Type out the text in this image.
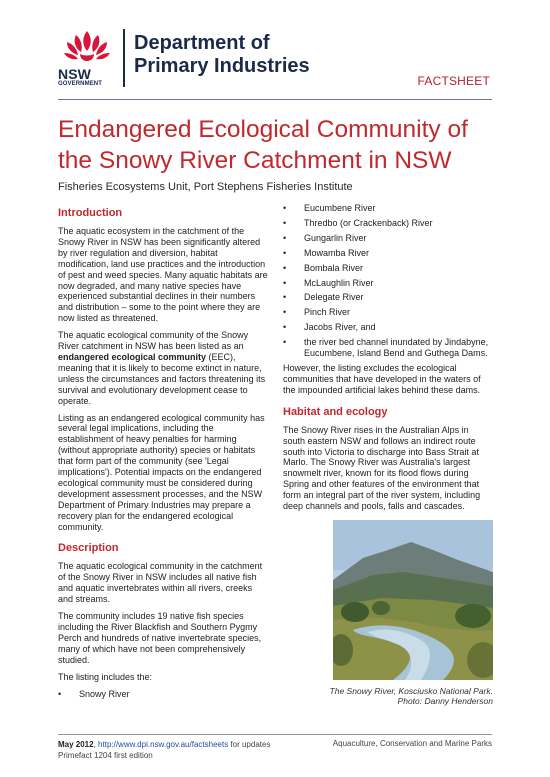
NSW
GOVERNMENT
Department of
Primary Industries
FACTSHEET
Endangered Ecological Community of the Snowy River Catchment in NSW
Fisheries Ecosystems Unit, Port Stephens Fisheries Institute
Introduction

The aquatic ecosystem in the catchment of the Snowy River in NSW has been significantly altered by river regulation and diversion, habitat modification, land use practices and the introduction of pest and weed species. Many aquatic habitats are now degraded, and many native species have experienced substantial declines in their numbers and distribution – some to the point where they are now listed as threatened.

The aquatic ecological community of the Snowy River catchment in NSW has been listed as an endangered ecological community (EEC), meaning that it is likely to become extinct in nature, unless the circumstances and factors threatening its survival and evolutionary development cease to operate.

Listing as an endangered ecological community has several legal implications, including the establishment of heavy penalties for harming (without appropriate authority) species or habitats that form part of the community (see 'Legal implications'). Potential impacts on the endangered ecological community must be considered during development assessment processes, and the NSW Department of Primary Industries may prepare a recovery plan for the endangered ecological community.

Description

The aquatic ecological community in the catchment of the Snowy River in NSW includes all native fish and aquatic invertebrates within all rivers, creeks and streams.

The community includes 19 native fish species including the River Blackfish and Southern Pygmy Perch and hundreds of native invertebrate species, many of which have not been comprehensively studied.

The listing includes the:

• Snowy River
• Eucumbene River
• Thredbo (or Crackenback) River
• Gungarlin River
• Mowamba River
• Bombala River
• McLaughlin River
• Delegate River
• Pinch River
• Jacobs River, and
• the river bed channel inundated by Jindabyne, Eucumbene, Island Bend and Guthega Dams.

However, the listing excludes the ecological communities that have developed in the waters of the impounded artificial lakes behind these dams.

Habitat and ecology

The Snowy River rises in the Australian Alps in south eastern NSW and follows an indirect route south into Victoria to discharge into Bass Strait at Marlo. The Snowy River was Australia's largest snowmelt river, known for its flood flows during Spring and other features of the environment that form an integral part of the river system, including deep channels and pools, falls and cascades.

The Snowy River, Kosciusko National Park.
Photo: Danny Henderson
May 2012, http://www.dpi.nsw.gov.au/factsheets for updates
Primefact 1204 first edition
Aquaculture, Conservation and Marine Parks
